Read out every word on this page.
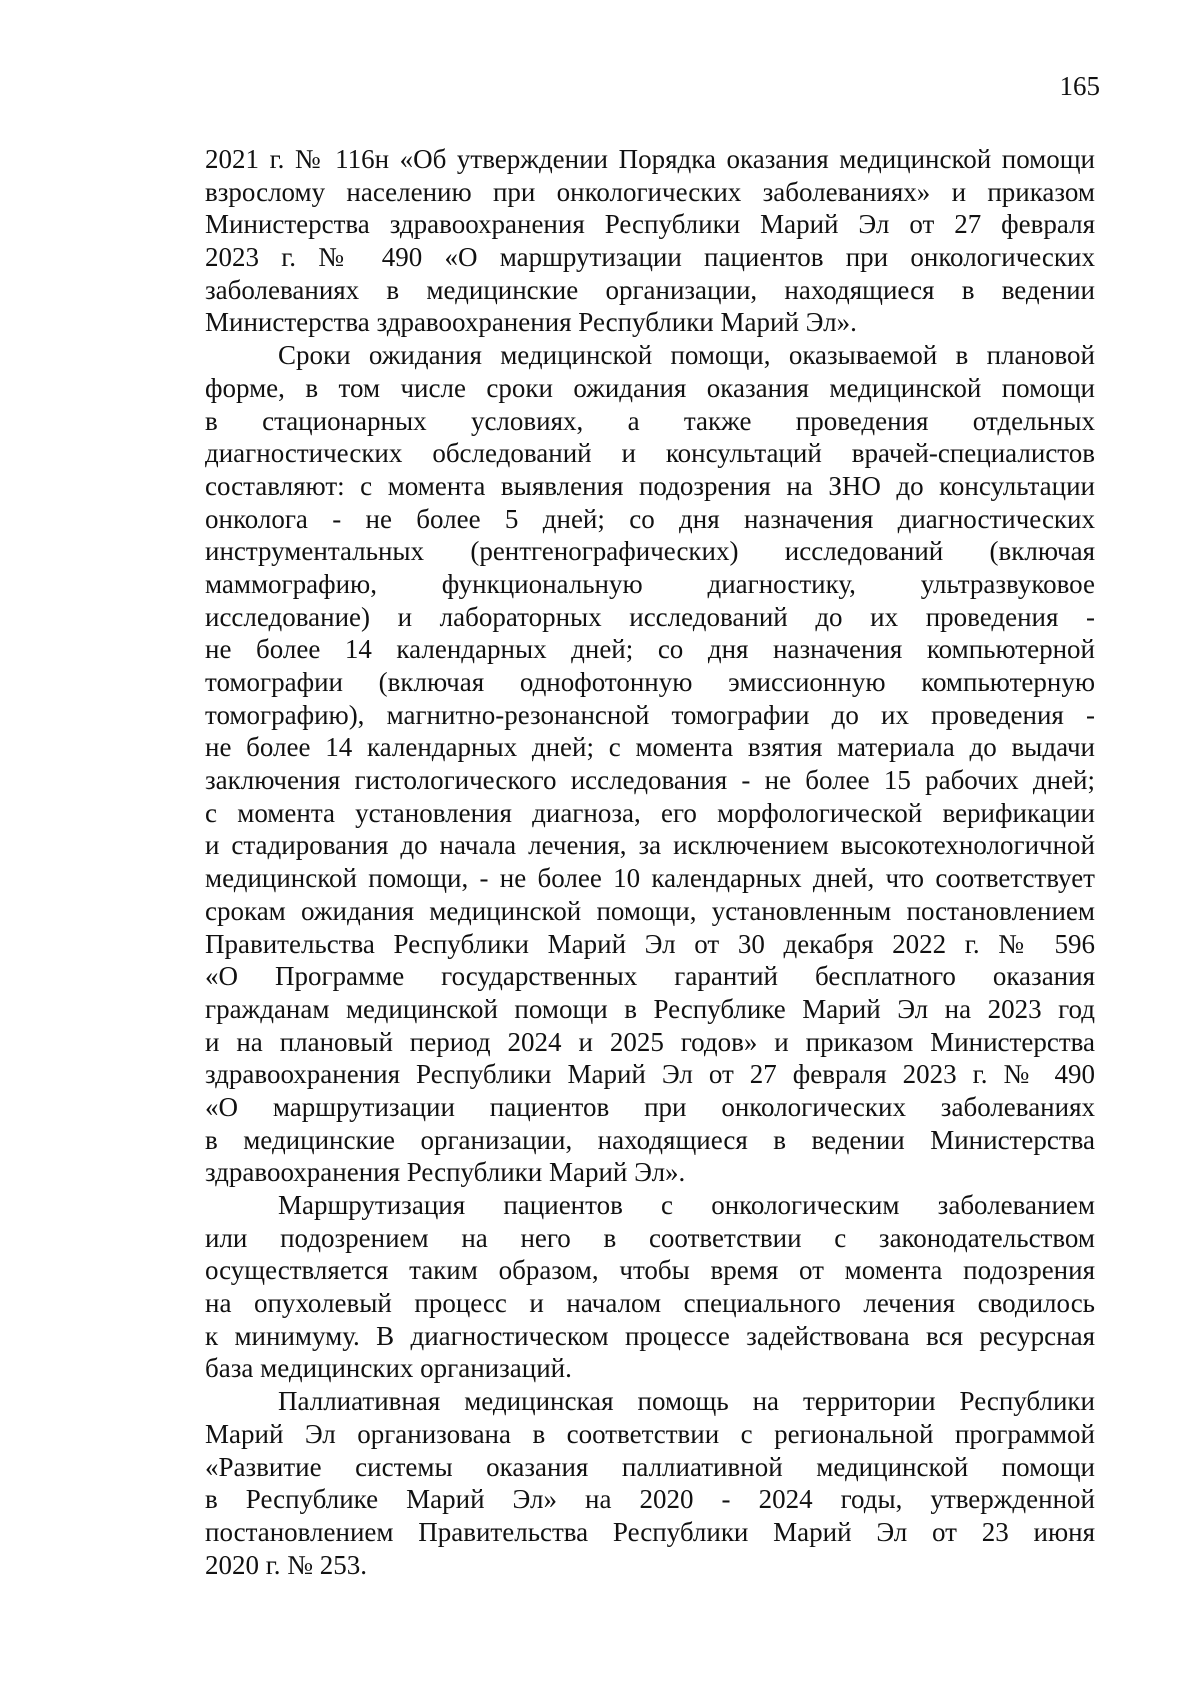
165

2021 г. № 116н «Об утверждении Порядка оказания медицинской помощи
взрослому населению при онкологических заболеваниях» и приказом
Министерства здравоохранения Республики Марий Эл от 27 февраля
2023 г. № 490 «О маршрутизации пациентов при онкологических
заболеваниях в медицинские организации, находящиеся в ведении
Министерства здравоохранения Республики Марий Эл».

Сроки ожидания медицинской помощи, оказываемой в плановой
форме, в том числе сроки ожидания оказания медицинской помощи
в стационарных условиях, а также проведения отдельных
диагностических обследований и консультаций врачей-специалистов
составляют: с момента выявления подозрения на ЗНО до консультации
онколога - не более 5 дней; со дня назначения диагностических
инструментальных (рентгенографических) исследований (включая
маммографию, функциональную диагностику, ультразвуковое
исследование) и лабораторных исследований до их проведения -
не более 14 календарных дней; со дня назначения компьютерной
томографии (включая однофотонную эмиссионную компьютерную
томографию), магнитно-резонансной томографии до их проведения -
не более 14 календарных дней; с момента взятия материала до выдачи
заключения гистологического исследования - не более 15 рабочих дней;
с момента установления диагноза, его морфологической верификации
и стадирования до начала лечения, за исключением высокотехнологичной
медицинской помощи, - не более 10 календарных дней, что соответствует
срокам ожидания медицинской помощи, установленным постановлением
Правительства Республики Марий Эл от 30 декабря 2022 г. № 596
«О Программе государственных гарантий бесплатного оказания
гражданам медицинской помощи в Республике Марий Эл на 2023 год
и на плановый период 2024 и 2025 годов» и приказом Министерства
здравоохранения Республики Марий Эл от 27 февраля 2023 г. № 490
«О маршрутизации пациентов при онкологических заболеваниях
в медицинские организации, находящиеся в ведении Министерства
здравоохранения Республики Марий Эл».

Маршрутизация пациентов с онкологическим заболеванием
или подозрением на него в соответствии с законодательством
осуществляется таким образом, чтобы время от момента подозрения
на опухолевый процесс и началом специального лечения сводилось
к минимуму. В диагностическом процессе задействована вся ресурсная
база медицинских организаций.

Паллиативная медицинская помощь на территории Республики
Марий Эл организована в соответствии с региональной программой
«Развитие системы оказания паллиативной медицинской помощи
в Республике Марий Эл» на 2020 - 2024 годы, утвержденной
постановлением Правительства Республики Марий Эл от 23 июня
2020 г. № 253.
